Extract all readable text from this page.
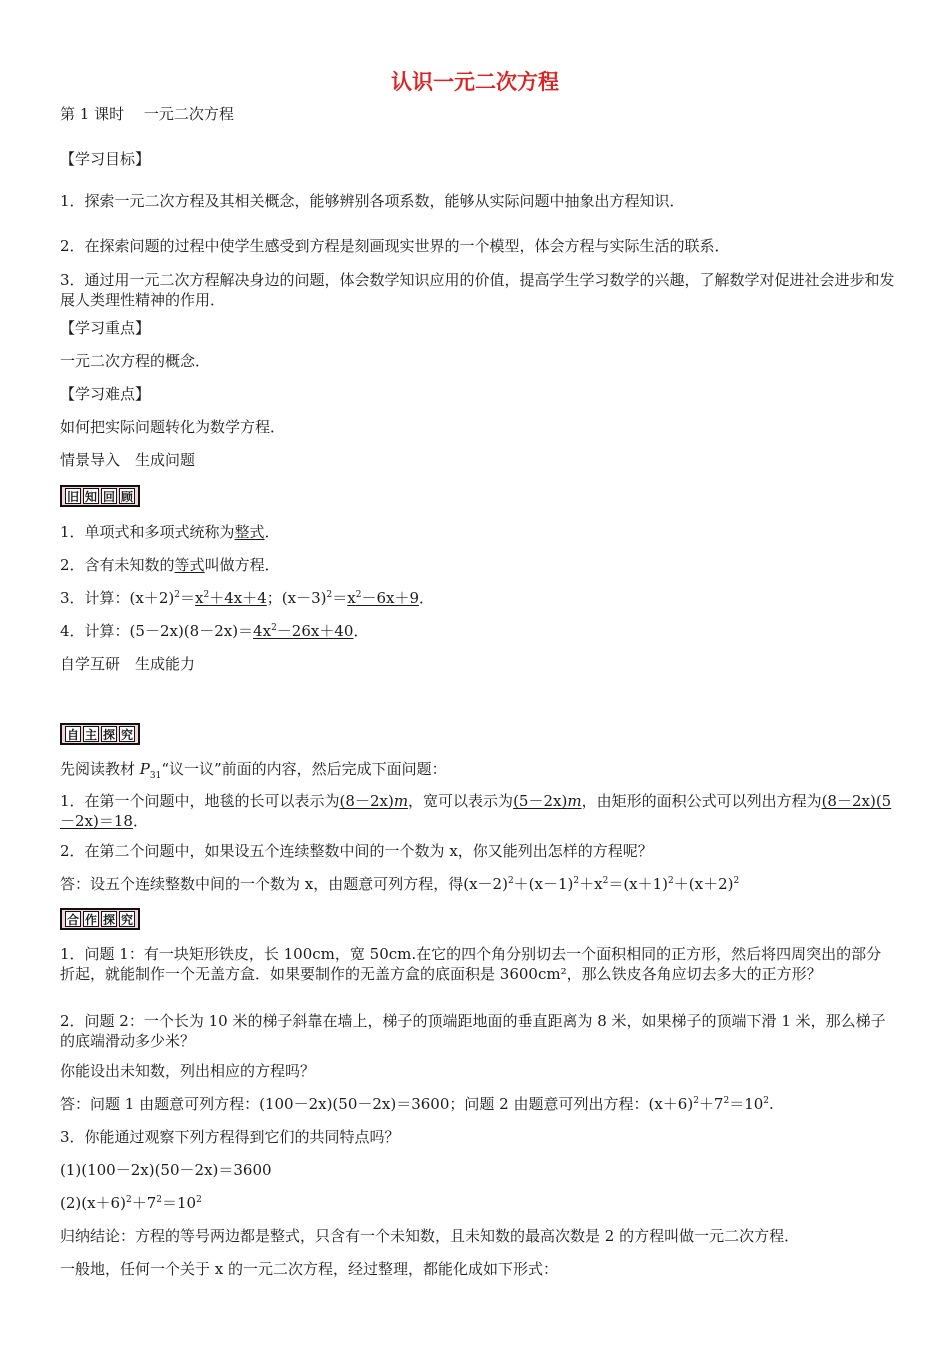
认识一元二次方程
第 1 课时　 一元二次方程
【学习目标】
1．探索一元二次方程及其相关概念，能够辨别各项系数，能够从实际问题中抽象出方程知识．
2．在探索问题的过程中使学生感受到方程是刻画现实世界的一个模型，体会方程与实际生活的联系．
3．通过用一元二次方程解决身边的问题，体会数学知识应用的价值，提高学生学习数学的兴趣，了解数学对促进社会进步和发展人类理性精神的作用．
【学习重点】
一元二次方程的概念．
【学习难点】
如何把实际问题转化为数学方程．
情景导入　生成问题
旧 知 回 顾
1．单项式和多项式统称为整式．
2．含有未知数的等式叫做方程．
3．计算：$(x+2)^2=x^2+4x+4$；$(x-3)^2=x^2-6x+9$．
4．计算：$(5-2x)(8-2x)=4x^2-26x+40$．
自学互研　生成能力
自 主 探 究
先阅读教材 $P_{31}“$议一议”前面的内容，然后完成下面问题：
1．在第一个问题中，地毯的长可以表示为(8－2x)m，宽可以表示为(5－2x)m，由矩形的面积公式可以列出方程为(8－2x)(5－2x)＝18．
2．在第二个问题中，如果设五个连续整数中间的一个数为 x，你又能列出怎样的方程呢？
答：设五个连续整数中间的一个数为 x，由题意可列方程，得$(x-2)^2+(x-1)^2+x^2=(x+1)^2+(x+2)^2$
合 作 探 究
1．问题 1：有一块矩形铁皮，长 100cm，宽 50cm.在它的四个角分别切去一个面积相同的正方形，然后将四周突出的部分折起，就能制作一个无盖方盒．如果要制作的无盖方盒的底面积是 3600cm²，那么铁皮各角应切去多大的正方形？
2．问题 2：一个长为 10 米的梯子斜靠在墙上，梯子的顶端距地面的垂直距离为 8 米，如果梯子的顶端下滑 1 米，那么梯子的底端滑动多少米？
你能设出未知数，列出相应的方程吗？
答：问题 1 由题意可列方程：(100－2x)(50－2x)＝3600；问题 2 由题意可列出方程：$(x+6)^2+7^2=10^2$.
3．你能通过观察下列方程得到它们的共同特点吗？
(1)(100－2x)(50－2x)＝3600
$(2)(x+6)^2+7^2=10^2$
归纳结论：方程的等号两边都是整式，只含有一个未知数，且未知数的最高次数是 2 的方程叫做一元二次方程．
一般地，任何一个关于 x 的一元二次方程，经过整理，都能化成如下形式：
